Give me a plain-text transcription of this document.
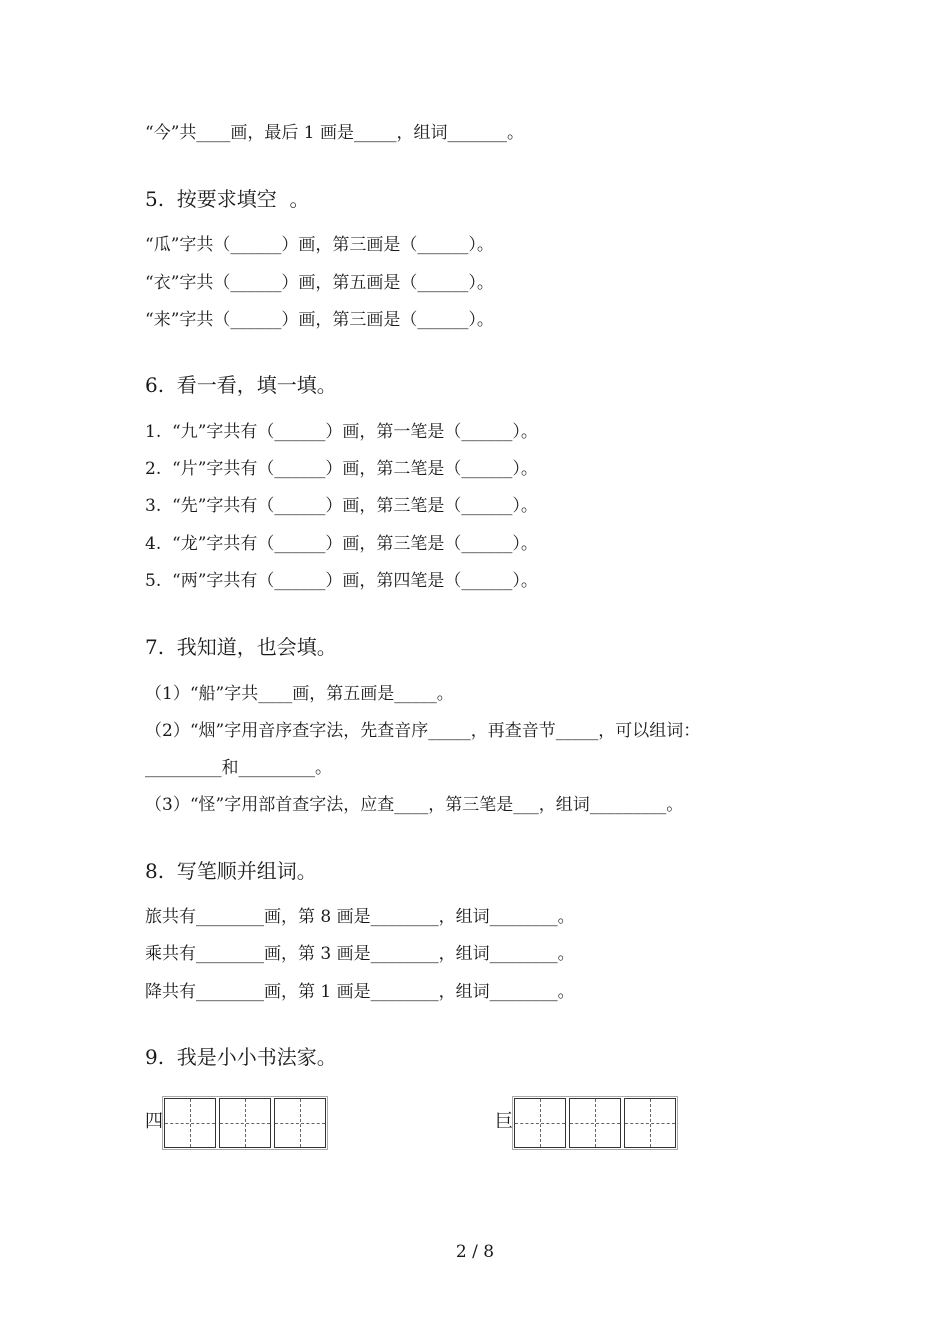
“今”共____画，最后 1 画是_____，组词_______。
5.  按要求填空  。
“瓜”字共（______）画，第三画是（______）。
“衣”字共（______）画，第五画是（______）。
“来”字共（______）画，第三画是（______）。
6.  看一看，填一填。
1.  “九”字共有（______）画，第一笔是（______）。
2.  “片”字共有（______）画，第二笔是（______）。
3.  “先”字共有（______）画，第三笔是（______）。
4.  “龙”字共有（______）画，第三笔是（______）。
5.  “两”字共有（______）画，第四笔是（______）。
7.  我知道，也会填。
（1）“船”字共____画，第五画是_____。
（2）“烟”字用音序查字法，先查音序_____，再查音节_____，可以组词：
_________和_________。
（3）“怪”字用部首查字法，应查____，第三笔是___，组词_________。
8.  写笔顺并组词。
旅共有________画，第 8 画是________，组词________。
乘共有________画，第 3 画是________，组词________。
降共有________画，第 1 画是________，组词________。
9.  我是小小书法家。
四	巨
2 / 8
